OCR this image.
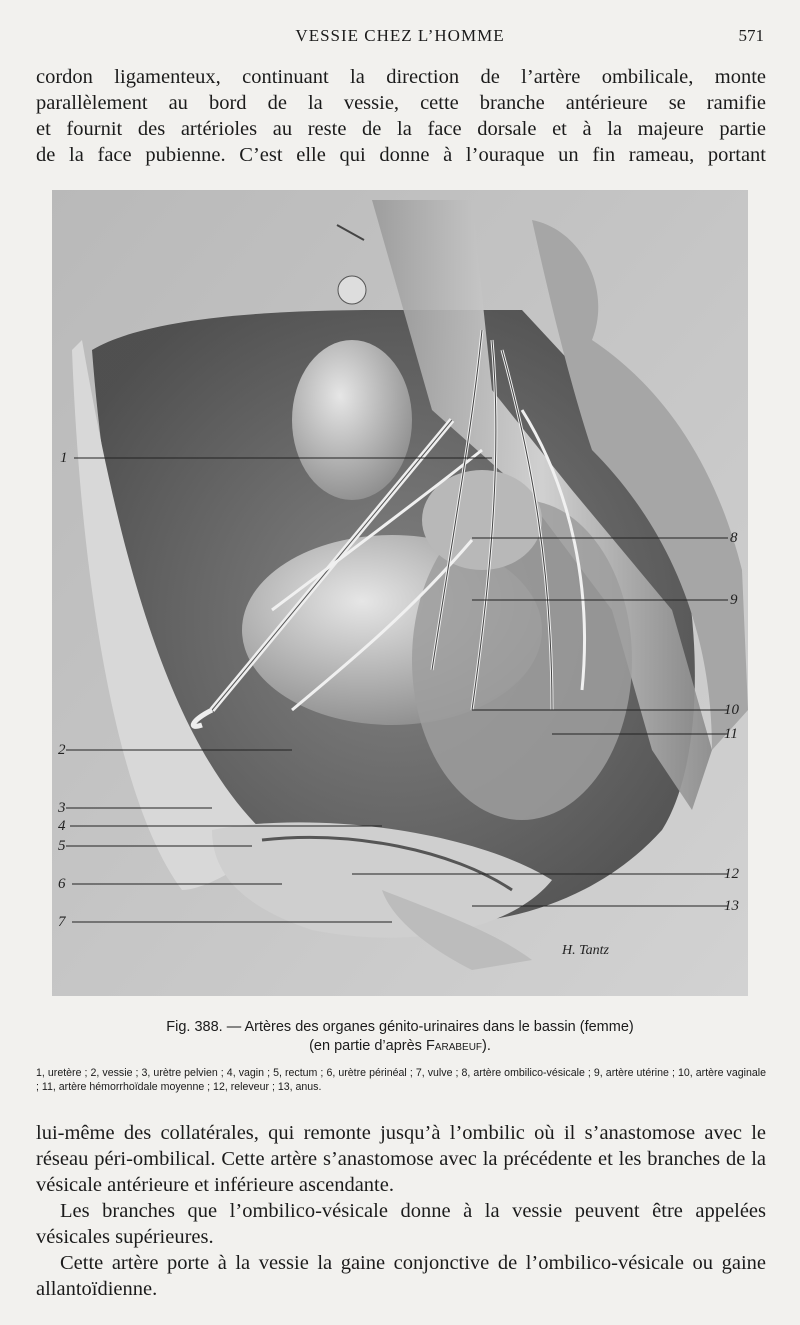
VESSIE CHEZ L’HOMME	571

cordon ligamenteux, continuant la direction de l’artère ombilicale, monte

parallèlement au bord de la vessie, cette branche antérieure se ramifie

et fournit des artérioles au reste de la face dorsale et à la majeure partie

de la face pubienne. C’est elle qui donne à l’ouraque un fin rameau, portant

1
2
3
4
5
6
7
8
9
10
11
12
13
H. Tantz
Fig. 388. — Artères des organes génito-urinaires dans le bassin (femme)
(en partie d’après Farabeuf).
1, uretère ; 2, vessie ; 3, urètre pelvien ; 4, vagin ; 5, rectum ; 6, urètre périnéal ; 7, vulve ; 8, artère ombilico-vésicale ; 9, artère utérine ; 10, artère vaginale ; 11, artère hémorrhoïdale moyenne ; 12, releveur ; 13, anus.

lui-même des collatérales, qui remonte jusqu’à l’ombilic où il s’anastomose avec le réseau péri-ombilical. Cette artère s’anastomose avec la précédente et les branches de la vésicale antérieure et inférieure ascendante.

Les branches que l’ombilico-vésicale donne à la vessie peuvent être appelées vésicales supérieures.

Cette artère porte à la vessie la gaine conjonctive de l’ombilico-vésicale ou gaine allantoïdienne.
